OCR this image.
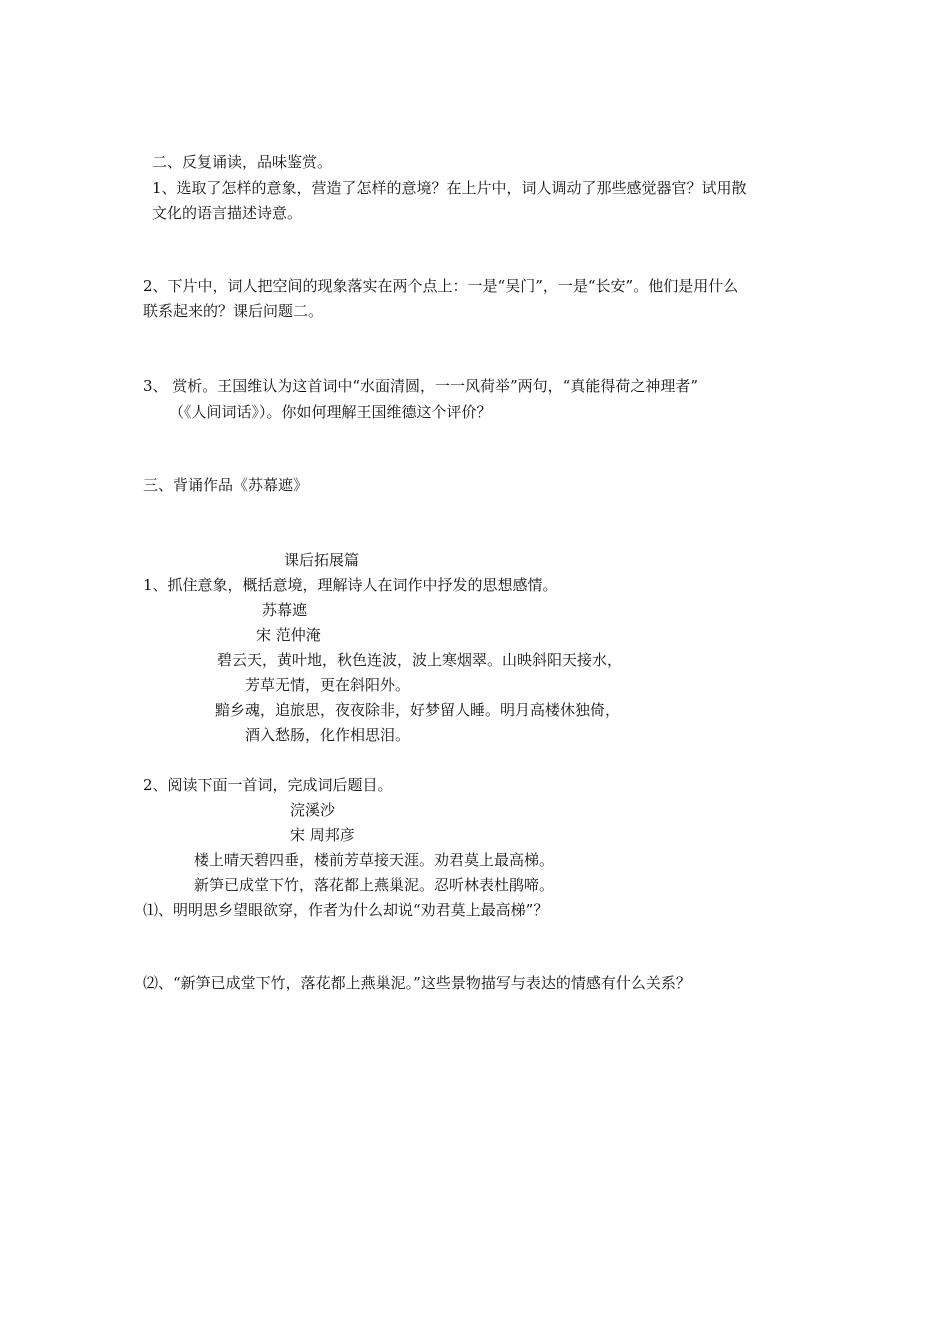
二、反复诵读，品味鉴赏。
1、选取了怎样的意象，营造了怎样的意境？在上片中，词人调动了那些感觉器官？试用散
文化的语言描述诗意。
2、下片中，词人把空间的现象落实在两个点上：一是“吴门”，一是“长安”。他们是用什么
联系起来的？课后问题二。
3、 赏析。王国维认为这首词中“水面清圆，一一风荷举”两句，“真能得荷之神理者”
（《人间词话》）。你如何理解王国维德这个评价？
三、背诵作品《苏幕遮》
课后拓展篇
1、抓住意象，概括意境，理解诗人在词作中抒发的思想感情。
苏幕遮
宋 范仲淹
碧云天，黄叶地，秋色连波，波上寒烟翠。山映斜阳天接水，
芳草无情，更在斜阳外。
黯乡魂，追旅思，夜夜除非，好梦留人睡。明月高楼休独倚，
酒入愁肠，化作相思泪。
2、阅读下面一首词，完成词后题目。
浣溪沙
宋 周邦彦
楼上晴天碧四垂，楼前芳草接天涯。劝君莫上最高梯。
新笋已成堂下竹，落花都上燕巢泥。忍听林表杜鹃啼。
⑴、明明思乡望眼欲穿，作者为什么却说“劝君莫上最高梯”？
⑵、“新笋已成堂下竹，落花都上燕巢泥。”这些景物描写与表达的情感有什么关系？
